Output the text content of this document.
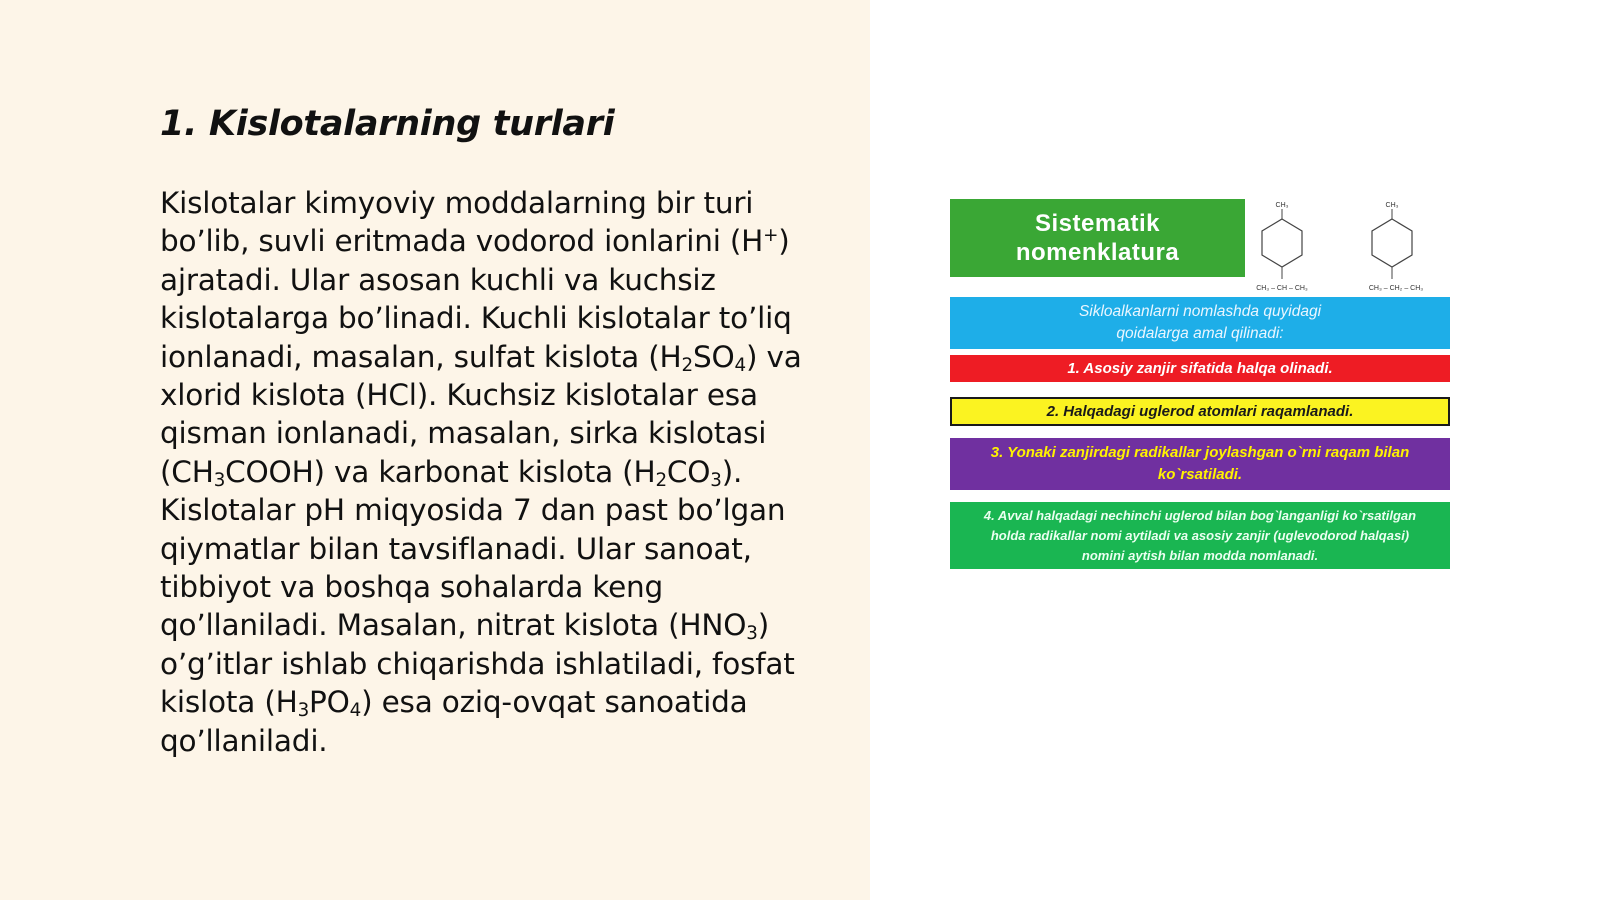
1. Kislotalarning turlari

Kislotalar kimyoviy moddalarning bir turi
bo’lib, suvli eritmada vodorod ionlarini (H+)
ajratadi. Ular asosan kuchli va kuchsiz
kislotalarga bo’linadi. Kuchli kislotalar to’liq
ionlanadi, masalan, sulfat kislota $(H_2SO_4)$ va
xlorid kislota (HCl). Kuchsiz kislotalar esa
qisman ionlanadi, masalan, sirka kislotasi
$(CH_3COOH)$ va karbonat kislota $(H_2CO_3)$.
Kislotalar pH miqyosida 7 dan past bo’lgan
qiymatlar bilan tavsiflanadi. Ular sanoat,
tibbiyot va boshqa sohalarda keng
qo’llaniladi. Masalan, nitrat kislota $(HNO_3)$
o’g’itlar ishlab chiqarishda ishlatiladi, fosfat
kislota $(H_3PO_4)$ esa oziq-ovqat sanoatida
qo’llaniladi.

Sistematik
nomenklatura
CH₃
CH₃ – CH – CH₃
CH₃
CH₃ – CH₂ – CH₃
Sikloalkanlarni nomlashda quyidagi
qoidalarga amal qilinadi:
1. Asosiy zanjir sifatida halqa olinadi.
2. Halqadagi uglerod atomlari raqamlanadi.
3. Yonaki zanjirdagi radikallar joylashgan o`rni raqam bilan
ko`rsatiladi.
4. Avval halqadagi nechinchi uglerod bilan bog`langanligi ko`rsatilgan
holda radikallar nomi aytiladi va asosiy zanjir (uglevodorod halqasi)
nomini aytish bilan modda nomlanadi.
